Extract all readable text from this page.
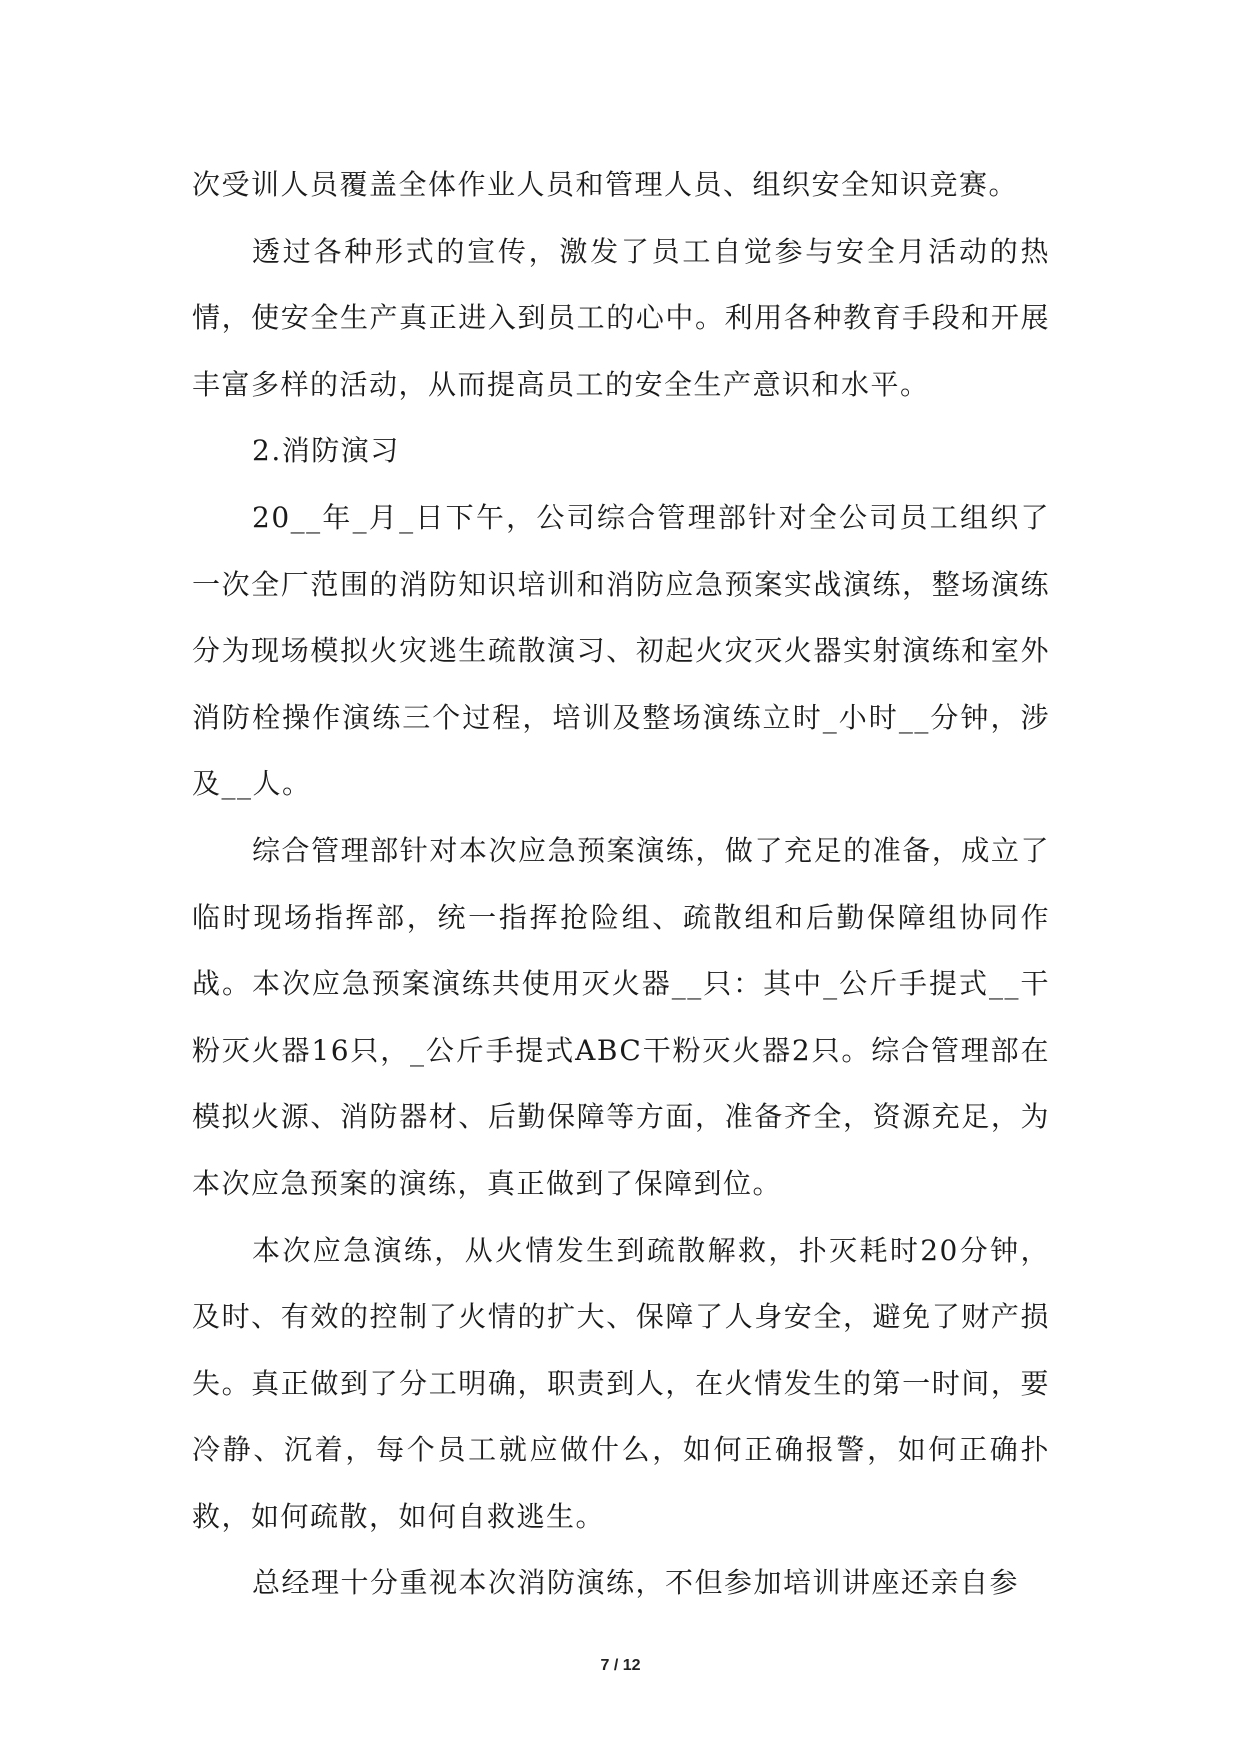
次受训人员覆盖全体作业人员和管理人员、组织安全知识竞赛。

透过各种形式的宣传，激发了员工自觉参与安全月活动的热情，使安全生产真正进入到员工的心中。利用各种教育手段和开展丰富多样的活动，从而提高员工的安全生产意识和水平。

2.消防演习

20__年_月_日下午，公司综合管理部针对全公司员工组织了一次全厂范围的消防知识培训和消防应急预案实战演练，整场演练分为现场模拟火灾逃生疏散演习、初起火灾灭火器实射演练和室外消防栓操作演练三个过程，培训及整场演练立时_小时__分钟，涉及__人。

综合管理部针对本次应急预案演练，做了充足的准备，成立了临时现场指挥部，统一指挥抢险组、疏散组和后勤保障组协同作战。本次应急预案演练共使用灭火器__只：其中_公斤手提式__干粉灭火器16只，_公斤手提式ABC干粉灭火器2只。综合管理部在模拟火源、消防器材、后勤保障等方面，准备齐全，资源充足，为本次应急预案的演练，真正做到了保障到位。

本次应急演练，从火情发生到疏散解救，扑灭耗时20分钟，及时、有效的控制了火情的扩大、保障了人身安全，避免了财产损失。真正做到了分工明确，职责到人，在火情发生的第一时间，要冷静、沉着，每个员工就应做什么，如何正确报警，如何正确扑救，如何疏散，如何自救逃生。

总经理十分重视本次消防演练，不但参加培训讲座还亲自参

7 / 12
